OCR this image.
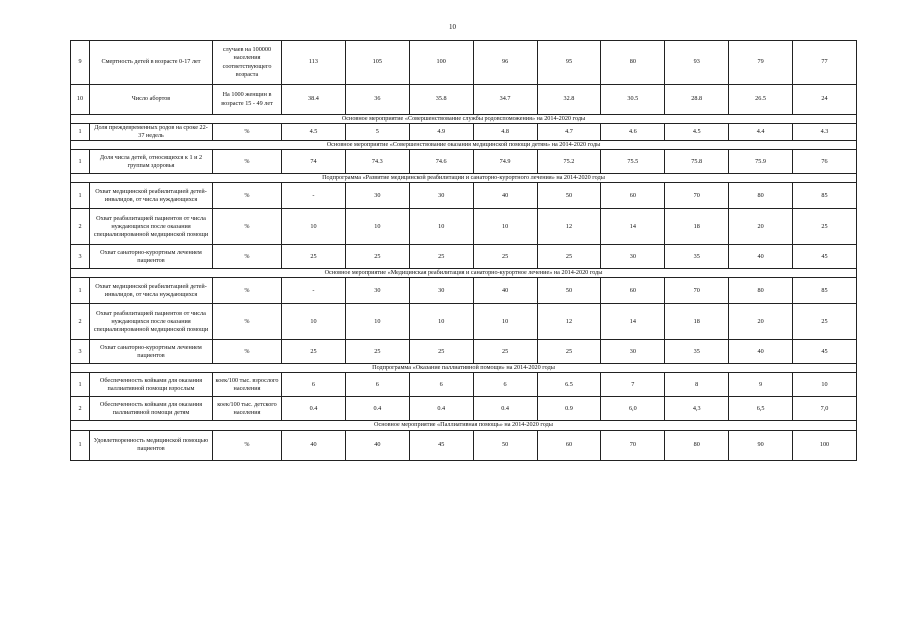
10
9	Смертность детей в возрасте 0-17 лет	случаев на 100000 населения соответствующего возраста	113	105	100	96	95	80	93	79	77
10	Число абортов	На 1000 женщин в возрасте 15 - 49 лет	38.4	36	35.8	34.7	32.8	30.5	28.8	26.5	24
Основное мероприятие «Совершенствование службы родовспоможения» на 2014-2020 годы											
1	Доля преждевременных родов на сроке 22-37 недель	%	4.5	5	4.9	4.8	4.7	4.6	4.5	4.4	4.3
Основное мероприятие «Совершенствование оказания медицинской помощи детям» на 2014-2020 годы											
1	Доля числа детей, относящихся к 1 и 2 группам здоровья	%	74	74.3	74.6	74.9	75.2	75.5	75.8	75.9	76
Подпрограмма «Развитие медицинской реабилитации и санаторно-курортного лечения» на 2014-2020 годы											
1	Охват медицинской реабилитацией детей-инвалидов, от числа нуждающихся	%	-	30	30	40	50	60	70	80	85
2	Охват реабилитацией пациентов от числа нуждающихся после оказания специализированной медицинской помощи	%	10	10	10	10	12	14	18	20	25
3	Охват санаторно-курортным лечением пациентов	%	25	25	25	25	25	30	35	40	45
Основное мероприятие «Медицинская реабилитация и санаторно-курортное лечение» на 2014-2020 годы											
1	Охват медицинской реабилитацией детей-инвалидов, от числа нуждающихся	%	-	30	30	40	50	60	70	80	85
2	Охват реабилитацией пациентов от числа нуждающихся после оказания специализированной медицинской помощи	%	10	10	10	10	12	14	18	20	25
3	Охват санаторно-курортным лечением пациентов	%	25	25	25	25	25	30	35	40	45
Подпрограмма «Оказание паллиативной помощи» на 2014-2020 годы											
1	Обеспеченность койками для оказания паллиативной помощи взрослым	коек/100 тыс. взрослого населения	6	6	6	6	6.5	7	8	9	10
2	Обеспеченность койками для оказания паллиативной помощи детям	коек/100 тыс. детского населения	0.4	0.4	0.4	0.4	0.9	6,0	4,3	6,5	7,0
Основное мероприятие «Паллиативная помощь» на 2014-2020 годы											
1	Удовлетворенность медицинской помощью пациентов	%	40	40	45	50	60	70	80	90	100
